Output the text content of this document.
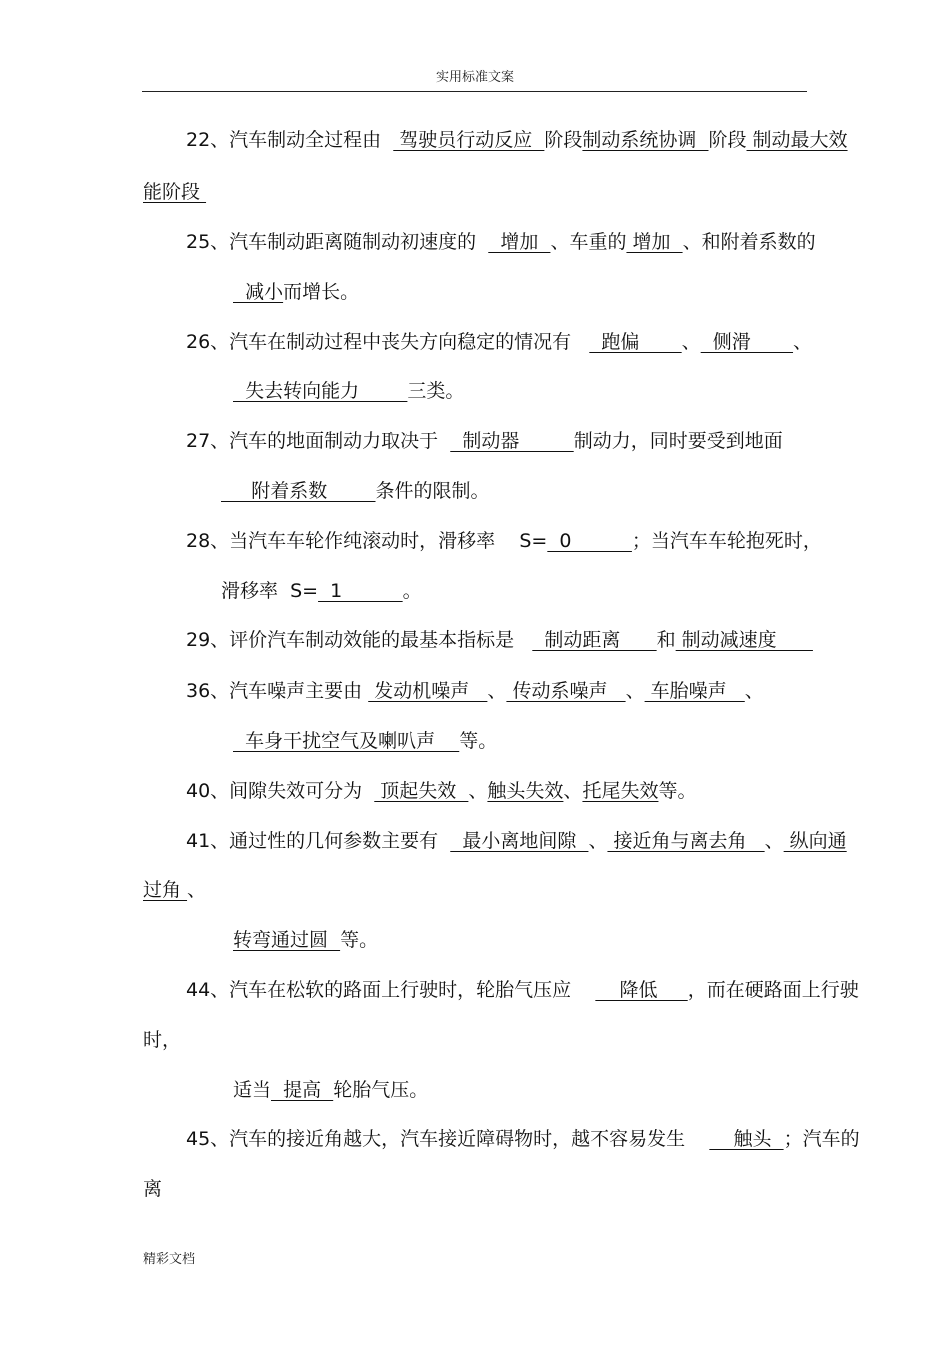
实用标准文案
22、汽车制动全过程由   驾驶员行动反应  阶段制动系统协调  阶段 制动最大效
能阶段
25、汽车制动距离随制动初速度的    增加  、车重的 增加  、和附着系数的
减小而增长。
26、汽车在制动过程中丧失方向稳定的情况有     跑偏       、  侧滑       、
失去转向能力        三类。
27、汽车的地面制动力取决于    制动器         制动力，同时要受到地面
附着系数        条件的限制。
28、当汽车车轮作纯滚动时，滑移率    S=  0          ；当汽车车轮抱死时，
滑移率  S=  1          。
29、评价汽车制动效能的最基本指标是     制动距离      和 制动减速度
36、汽车噪声主要由  发动机噪声   、 传动系噪声   、 车胎噪声   、
车身干扰空气及喇叭声    等。
40、间隙失效可分为   顶起失效  、触头失效、托尾失效等。
41、通过性的几何参数主要有    最小离地间隙  、 接近角与离去角   、 纵向通
过角 、
转弯通过圆  等。
44、汽车在松软的路面上行驶时，轮胎气压应        降低     ，而在硬路面上行驶
时，
适当  提高  轮胎气压。
45、汽车的接近角越大，汽车接近障碍物时，越不容易发生        触头  ；汽车的
离
精彩文档
